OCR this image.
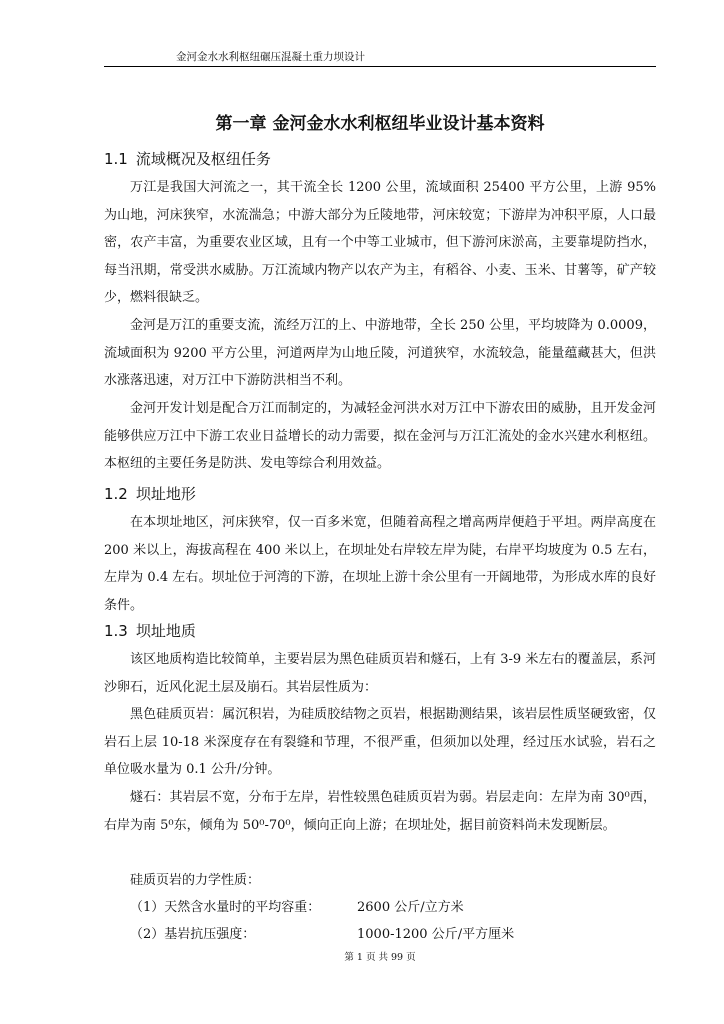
金河金水水利枢纽碾压混凝土重力坝设计
第一章 金河金水水利枢纽毕业设计基本资料
1.1 流域概况及枢纽任务

万江是我国大河流之一，其干流全长 1200 公里，流域面积 25400 平方公里，上游 95%为山地，河床狭窄，水流湍急；中游大部分为丘陵地带，河床较宽；下游岸为冲积平原，人口最密，农产丰富，为重要农业区域，且有一个中等工业城市，但下游河床淤高，主要靠堤防挡水，每当汛期，常受洪水威胁。万江流域内物产以农产为主，有稻谷、小麦、玉米、甘薯等，矿产较少，燃料很缺乏。

金河是万江的重要支流，流经万江的上、中游地带，全长 250 公里，平均坡降为 0.0009，流域面积为 9200 平方公里，河道两岸为山地丘陵，河道狭窄，水流较急，能量蕴藏甚大，但洪水涨落迅速，对万江中下游防洪相当不利。

金河开发计划是配合万江而制定的，为减轻金河洪水对万江中下游农田的威胁，且开发金河能够供应万江中下游工农业日益增长的动力需要，拟在金河与万江汇流处的金水兴建水利枢纽。本枢纽的主要任务是防洪、发电等综合利用效益。

1.2 坝址地形

在本坝址地区，河床狭窄，仅一百多米宽，但随着高程之增高两岸便趋于平坦。两岸高度在 200 米以上，海拔高程在 400 米以上，在坝址处右岸较左岸为陡，右岸平均坡度为 0.5 左右，左岸为 0.4 左右。坝址位于河湾的下游，在坝址上游十余公里有一开阔地带，为形成水库的良好条件。

1.3 坝址地质

该区地质构造比较简单，主要岩层为黑色硅质页岩和燧石，上有 3-9 米左右的覆盖层，系河沙卵石，近风化泥土层及崩石。其岩层性质为：

黑色硅质页岩：属沉积岩，为硅质胶结物之页岩，根据勘测结果，该岩层性质坚硬致密，仅岩石上层 10-18 米深度存在有裂缝和节理，不很严重，但须加以处理，经过压水试验，岩石之单位吸水量为 0.1 公升/分钟。

燧石：其岩层不宽，分布于左岸，岩性较黑色硅质页岩为弱。岩层走向：左岸为南 30⁰西，右岸为南 5⁰东，倾角为 50⁰-70⁰，倾向正向上游；在坝址处，据目前资料尚未发现断层。

硅质页岩的力学性质：

（1）天然含水量时的平均容重：	2600 公斤/立方米
（2）基岩抗压强度：	1000-1200 公斤/平方厘米
第 1 页 共 99 页
